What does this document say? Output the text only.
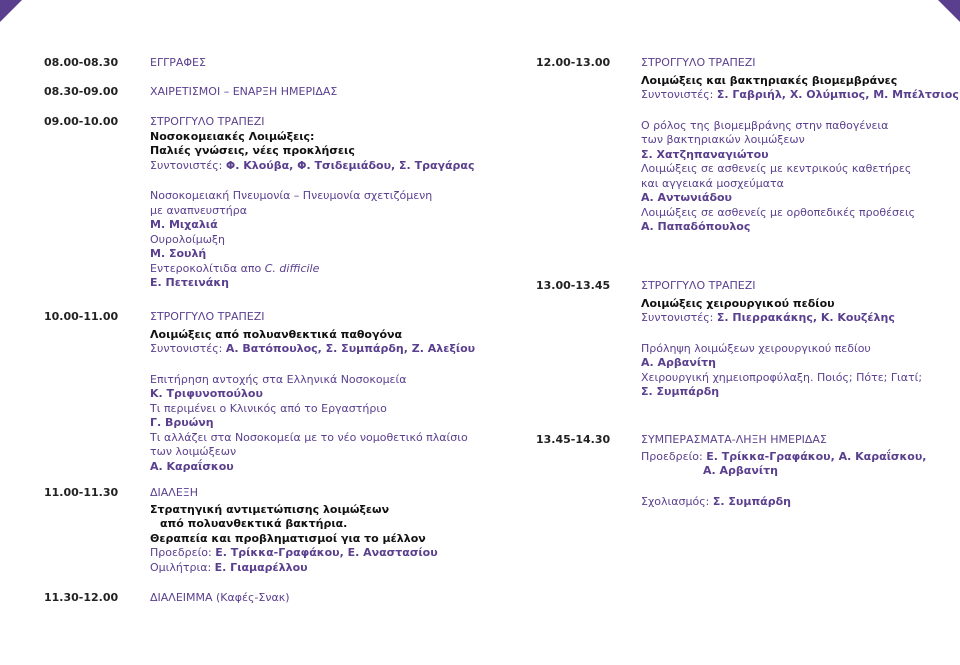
08.00-08.30	ΕΓΓΡΑΦΕΣ
08.30-09.00	ΧΑΙΡΕΤΙΣΜΟΙ – ΕΝΑΡΞΗ ΗΜΕΡΙΔΑΣ
09.00-10.00	ΣΤΡΟΓΓΥΛΟ ΤΡΑΠΕΖΙ
Νοσοκομειακές Λοιμώξεις:
Παλιές γνώσεις, νέες προκλήσεις
Συντονιστές: Φ. Κλούβα, Φ. Τσιδεμιάδου, Σ. Τραγάρας
Νοσοκομειακή Πνευμονία – Πνευμονία σχετιζόμενη
με αναπνευστήρα
Μ. Μιχαλιά
Ουρολοίμωξη
Μ. Σουλή
Εντεροκολίτιδα απο C. difficile
Ε. Πετεινάκη
10.00-11.00	ΣΤΡΟΓΓΥΛΟ ΤΡΑΠΕΖΙ
Λοιμώξεις από πολυανθεκτικά παθογόνα
Συντονιστές: Α. Βατόπουλος, Σ. Συμπάρδη, Ζ. Αλεξίου
Επιτήρηση αντοχής στα Ελληνικά Νοσοκομεία
Κ. Τριφυνοπούλου
Τι περιμένει ο Κλινικός από το Εργαστήριο
Γ. Βρυώνη
Τι αλλάζει στα Νοσοκομεία με το νέο νομοθετικό πλαίσιο
των λοιμώξεων
Α. Καραΐσκου
11.00-11.30	ΔΙΑΛΕΞΗ
Στρατηγική αντιμετώπισης λοιμώξεων
από πολυανθεκτικά βακτήρια.
Θεραπεία και προβληματισμοί για το μέλλον
Προεδρείο: Ε. Τρίκκα-Γραφάκου, Ε. Αναστασίου
Ομιλήτρια: Ε. Γιαμαρέλλου
11.30-12.00	ΔΙΑΛΕΙΜΜΑ (Καφές-Σνακ)
12.00-13.00	ΣΤΡΟΓΓΥΛΟ ΤΡΑΠΕΖΙ
Λοιμώξεις και βακτηριακές βιομεμβράνες
Συντονιστές: Σ. Γαβριήλ, Χ. Ολύμπιος, Μ. Μπέλτσιος
Ο ρόλος της βιομεμβράνης στην παθογένεια
των βακτηριακών λοιμώξεων
Σ. Χατζηπαναγιώτου
Λοιμώξεις σε ασθενείς με κεντρικούς καθετήρες
και αγγειακά μοσχεύματα
Α. Αντωνιάδου
Λοιμώξεις σε ασθενείς με ορθοπεδικές προθέσεις
Α. Παπαδόπουλος
13.00-13.45	ΣΤΡΟΓΓΥΛΟ ΤΡΑΠΕΖΙ
Λοιμώξεις χειρουργικού πεδίου
Συντονιστές: Σ. Πιερρακάκης, Κ. Κουζέλης
Πρόληψη λοιμώξεων χειρουργικού πεδίου
Α. Αρβανίτη
Χειρουργική χημειοπροφύλαξη. Ποιός; Πότε; Γιατί;
Σ. Συμπάρδη
13.45-14.30	ΣΥΜΠΕΡΑΣΜΑΤΑ-ΛΗΞΗ ΗΜΕΡΙΔΑΣ
Προεδρείο: Ε. Τρίκκα-Γραφάκου, Α. Καραΐσκου,
Α. Αρβανίτη
Σχολιασμός: Σ. Συμπάρδη
